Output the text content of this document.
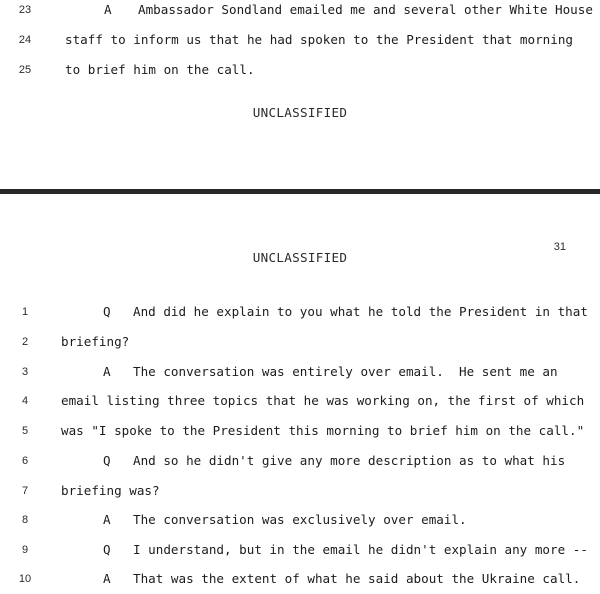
23	A Ambassador Sondland emailed me and several other White House
24	staff to inform us that he had spoken to the President that morning
25	to brief him on the call.
UNCLASSIFIED
UNCLASSIFIED
31
1	Q And did he explain to you what he told the President in that
2	briefing?
3	A The conversation was entirely over email.  He sent me an
4	email listing three topics that he was working on, the first of which
5	was "I spoke to the President this morning to brief him on the call."
6	Q And so he didn't give any more description as to what his
7	briefing was?
8	A The conversation was exclusively over email.
9	Q I understand, but in the email he didn't explain any more --
10	A That was the extent of what he said about the Ukraine call.
